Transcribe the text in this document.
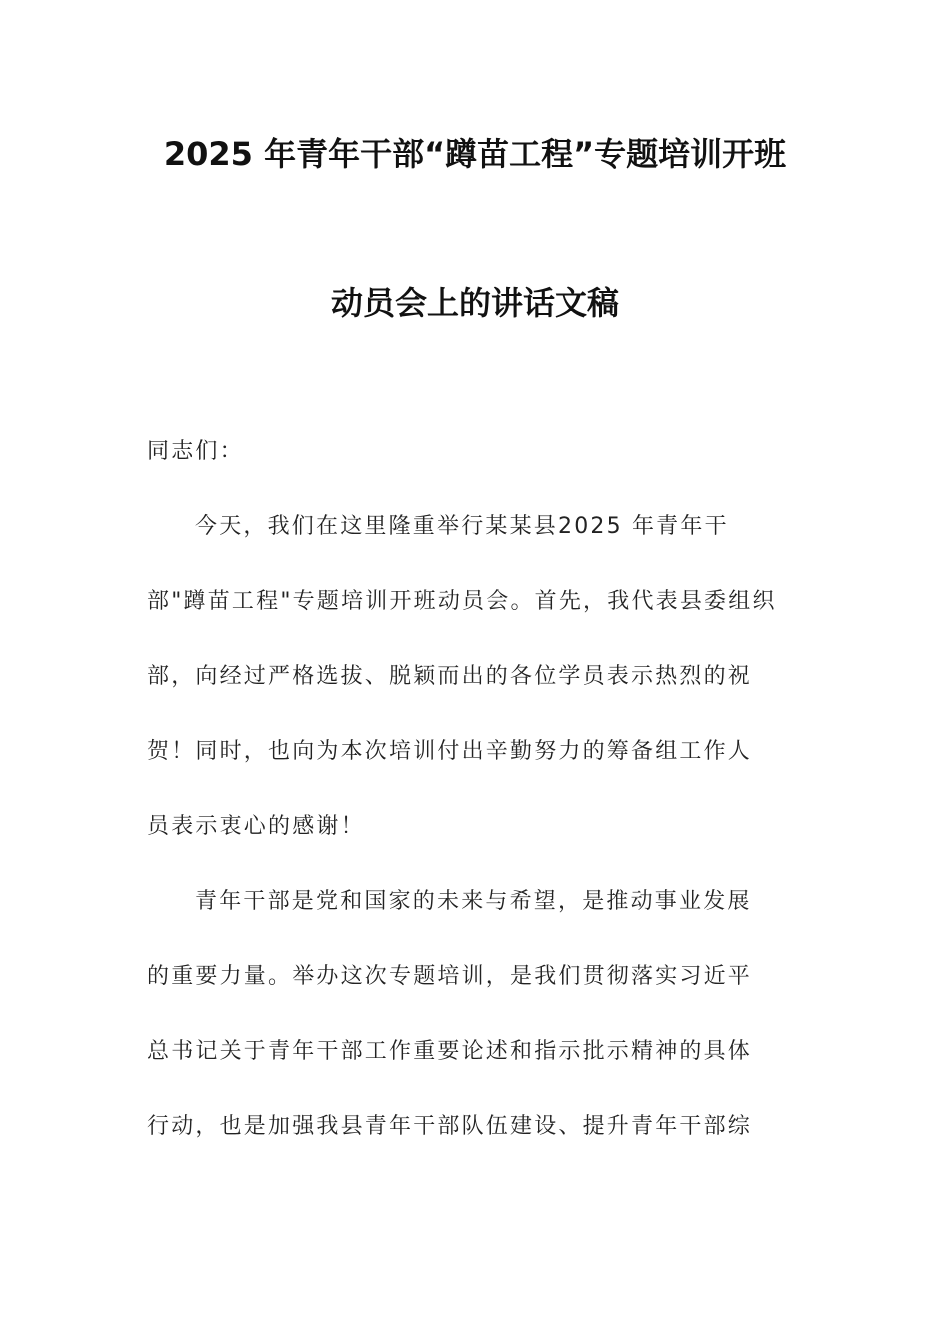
2025 年青年干部“蹲苗工程”专题培训开班
动员会上的讲话文稿
同志们：
今天，我们在这里隆重举行某某县2025 年青年干
部"蹲苗工程"专题培训开班动员会。首先，我代表县委组织
部，向经过严格选拔、脱颖而出的各位学员表示热烈的祝
贺！同时，也向为本次培训付出辛勤努力的筹备组工作人
员表示衷心的感谢！
青年干部是党和国家的未来与希望，是推动事业发展
的重要力量。举办这次专题培训，是我们贯彻落实习近平
总书记关于青年干部工作重要论述和指示批示精神的具体
行动，也是加强我县青年干部队伍建设、提升青年干部综
